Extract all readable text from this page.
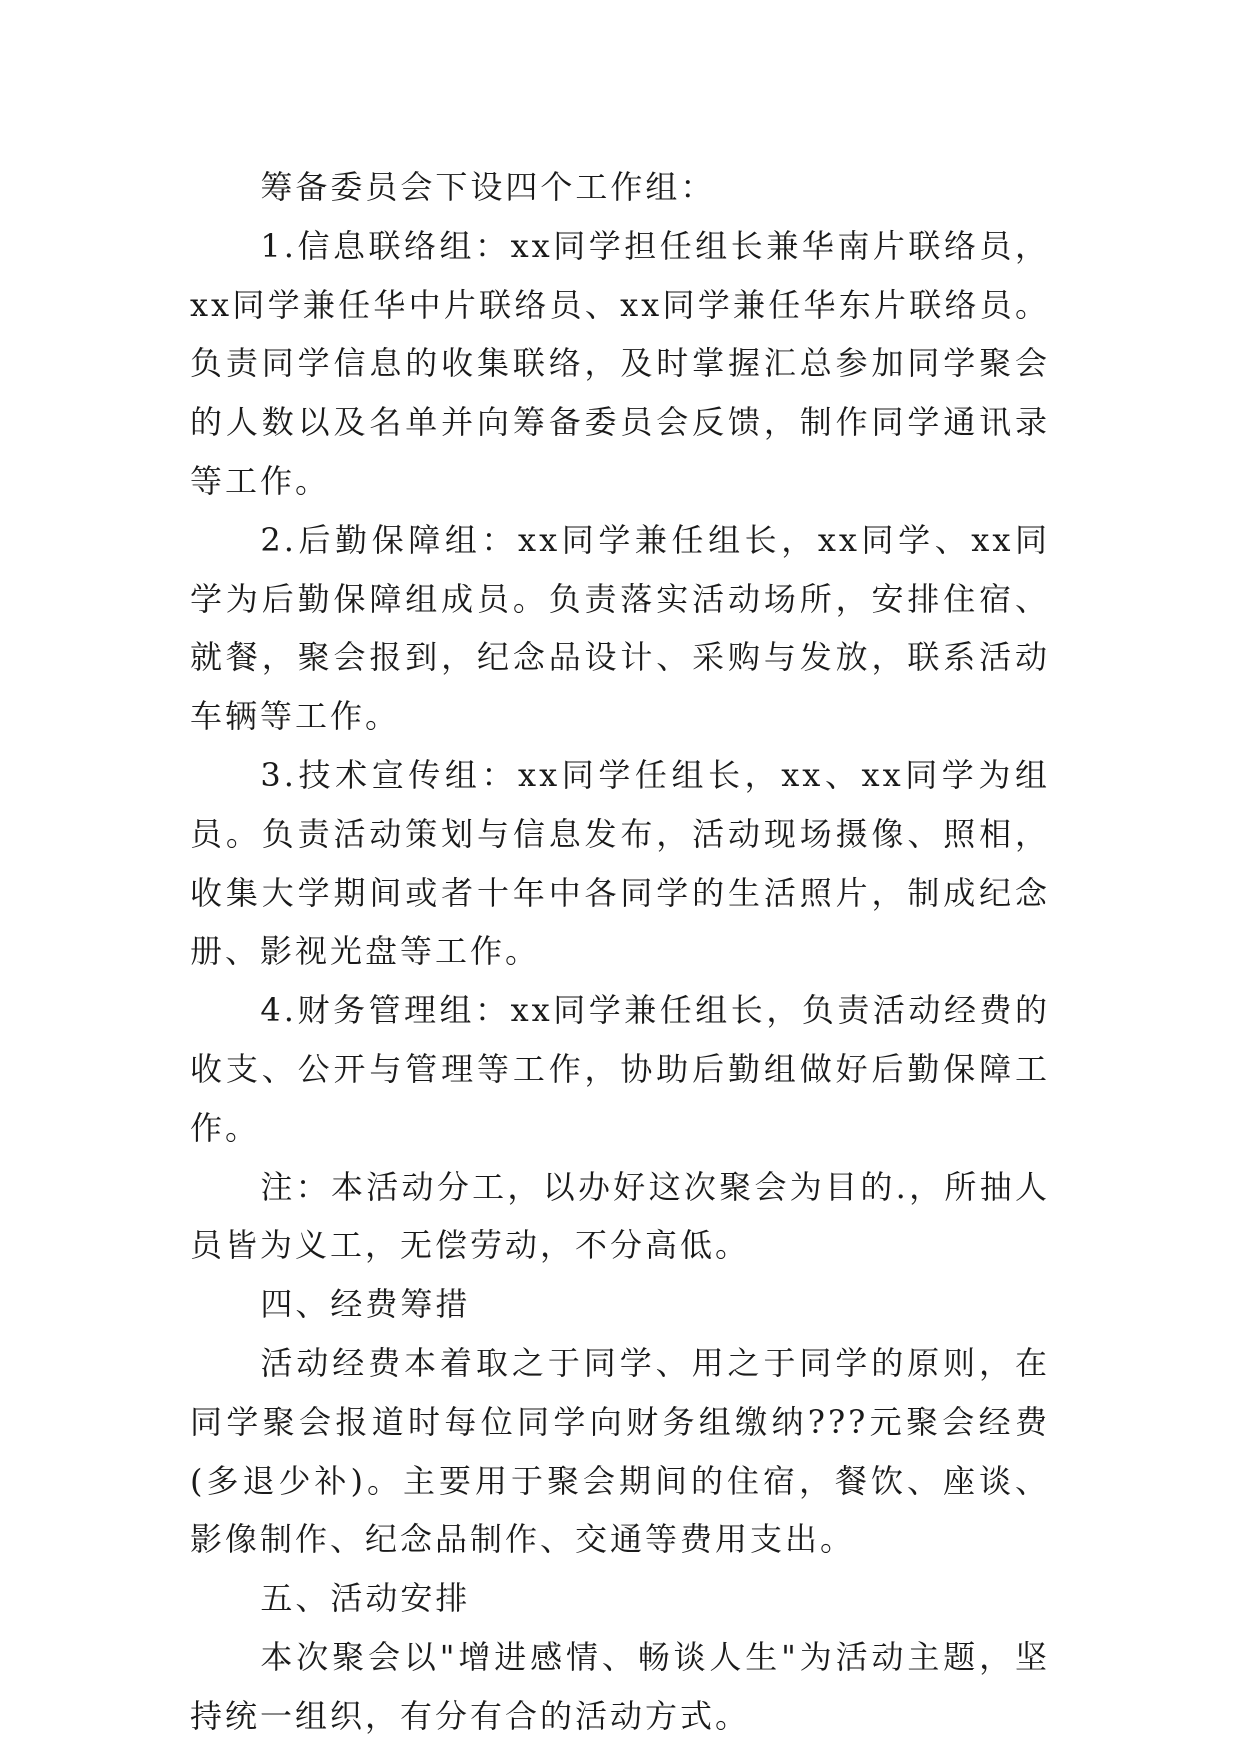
筹备委员会下设四个工作组：

1.信息联络组：xx同学担任组长兼华南片联络员，xx同学兼任华中片联络员、xx同学兼任华东片联络员。负责同学信息的收集联络，及时掌握汇总参加同学聚会的人数以及名单并向筹备委员会反馈，制作同学通讯录等工作。

2.后勤保障组：xx同学兼任组长，xx同学、xx同学为后勤保障组成员。负责落实活动场所，安排住宿、就餐，聚会报到，纪念品设计、采购与发放，联系活动车辆等工作。

3.技术宣传组：xx同学任组长，xx、xx同学为组员。负责活动策划与信息发布，活动现场摄像、照相，收集大学期间或者十年中各同学的生活照片，制成纪念册、影视光盘等工作。

4.财务管理组：xx同学兼任组长，负责活动经费的收支、公开与管理等工作，协助后勤组做好后勤保障工作。

注：本活动分工，以办好这次聚会为目的.，所抽人员皆为义工，无偿劳动，不分高低。

四、经费筹措

活动经费本着取之于同学、用之于同学的原则，在同学聚会报道时每位同学向财务组缴纳???元聚会经费(多退少补)。主要用于聚会期间的住宿，餐饮、座谈、影像制作、纪念品制作、交通等费用支出。

五、活动安排

本次聚会以"增进感情、畅谈人生"为活动主题，坚持统一组织，有分有合的活动方式。
